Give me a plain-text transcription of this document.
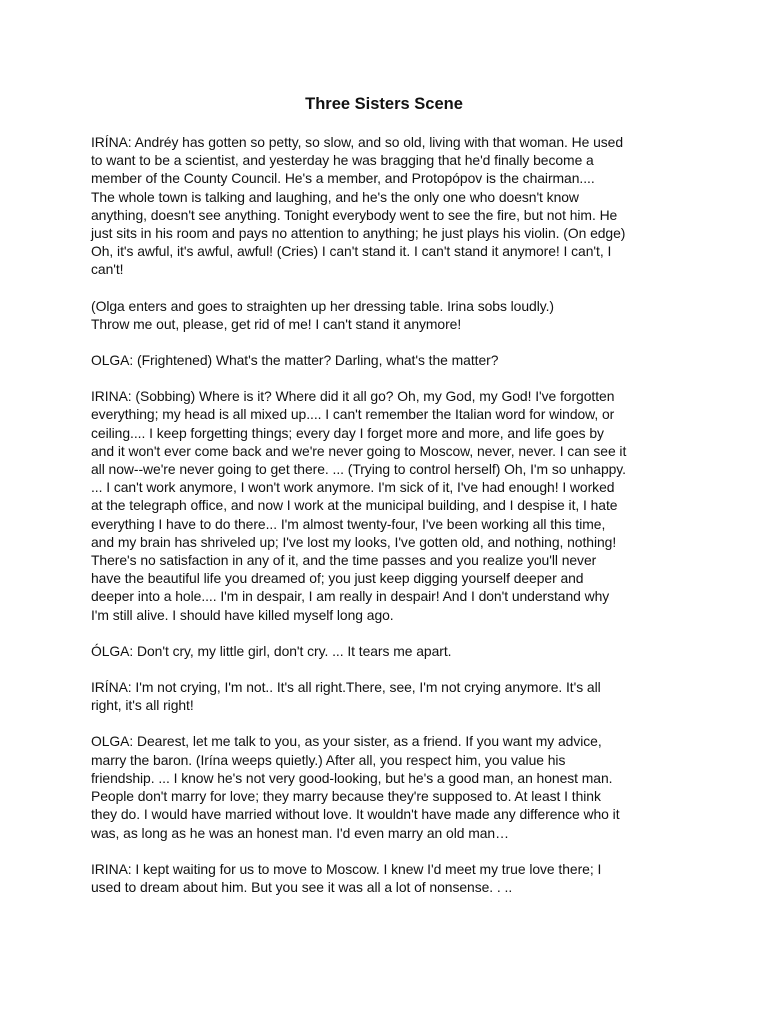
Three Sisters Scene

IRÍNA: Andréy has gotten so petty, so slow, and so old, living with that woman. He used
to want to be a scientist, and yesterday he was bragging that he'd finally become a
member of the County Council. He's a member, and Protopópov is the chairman....
The whole town is talking and laughing, and he's the only one who doesn't know
anything, doesn't see anything. Tonight everybody went to see the fire, but not him. He
just sits in his room and pays no attention to anything; he just plays his violin. (On edge)
Oh, it's awful, it's awful, awful! (Cries) I can't stand it. I can't stand it anymore! I can't, I
can't!

(Olga enters and goes to straighten up her dressing table. Irina sobs loudly.)
Throw me out, please, get rid of me! I can't stand it anymore!

OLGA: (Frightened) What's the matter? Darling, what's the matter?

IRINA: (Sobbing) Where is it? Where did it all go? Oh, my God, my God! I've forgotten
everything; my head is all mixed up.... I can't remember the Italian word for window, or
ceiling.... I keep forgetting things; every day I forget more and more, and life goes by
and it won't ever come back and we're never going to Moscow, never, never. I can see it
all now--we're never going to get there. ... (Trying to control herself) Oh, I'm so unhappy.
... I can't work anymore, I won't work anymore. I'm sick of it, I've had enough! I worked
at the telegraph office, and now I work at the municipal building, and I despise it, I hate
everything I have to do there... I'm almost twenty-four, I've been working all this time,
and my brain has shriveled up; I've lost my looks, I've gotten old, and nothing, nothing!
There's no satisfaction in any of it, and the time passes and you realize you'll never
have the beautiful life you dreamed of; you just keep digging yourself deeper and
deeper into a hole.... I'm in despair, I am really in despair! And I don't understand why
I'm still alive. I should have killed myself long ago.

ÓLGA: Don't cry, my little girl, don't cry. ... It tears me apart.

IRÍNA: I'm not crying, I'm not.. It's all right.There, see, I'm not crying anymore. It's all
right, it's all right!

OLGA: Dearest, let me talk to you, as your sister, as a friend. If you want my advice,
marry the baron. (Irína weeps quietly.) After all, you respect him, you value his
friendship. ... I know he's not very good-looking, but he's a good man, an honest man.
People don't marry for love; they marry because they're supposed to. At least I think
they do. I would have married without love. It wouldn't have made any difference who it
was, as long as he was an honest man. I'd even marry an old man…

IRINA: I kept waiting for us to move to Moscow. I knew I'd meet my true love there; I
used to dream about him. But you see it was all a lot of nonsense. . ..
